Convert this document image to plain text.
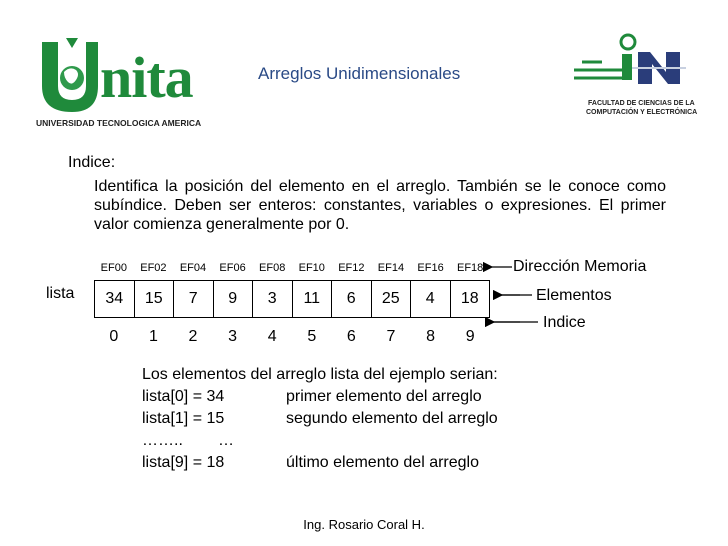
nita
UNIVERSIDAD TECNOLOGICA AMERICA
Arreglos Unidimensionales
FACULTAD DE CIENCIAS DE LA
COMPUTACIÓN Y ELECTRÓNICA
Indice:
Identifica la posición del elemento en el arreglo. También se le conoce como subíndice. Deben ser enteros: constantes, variables o expresiones. El primer valor comienza generalmente por 0.
EF00	EF02	EF04	EF06	EF08	EF10	EF12	EF14	EF16	EF18
lista	34	15	7	9	3	11	6	25	4	18
0	1	2	3	4	5	6	7	8	9
Dirección Memoria
Elementos
Indice
Los elementos del arreglo lista del ejemplo serian:
lista[0] = 34	primer elemento del arreglo
lista[1] = 15	segundo elemento del arreglo
…….. …
lista[9] = 18	último elemento del arreglo
Ing. Rosario Coral H.
